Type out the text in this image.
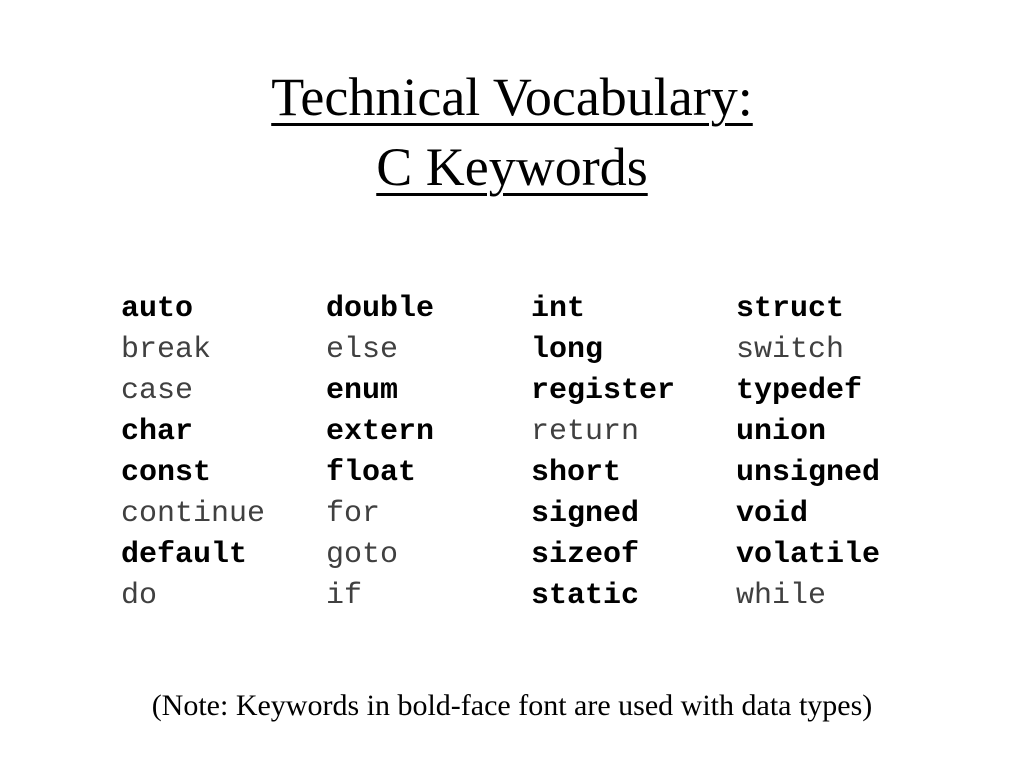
Technical Vocabulary:
C Keywords
auto	double	int	struct
break	else	long	switch
case	enum	register	typedef
char	extern	return	union
const	float	short	unsigned
continue	for	signed	void
default	goto	sizeof	volatile
do	if	static	while
(Note: Keywords in bold-face font are used with data types)
